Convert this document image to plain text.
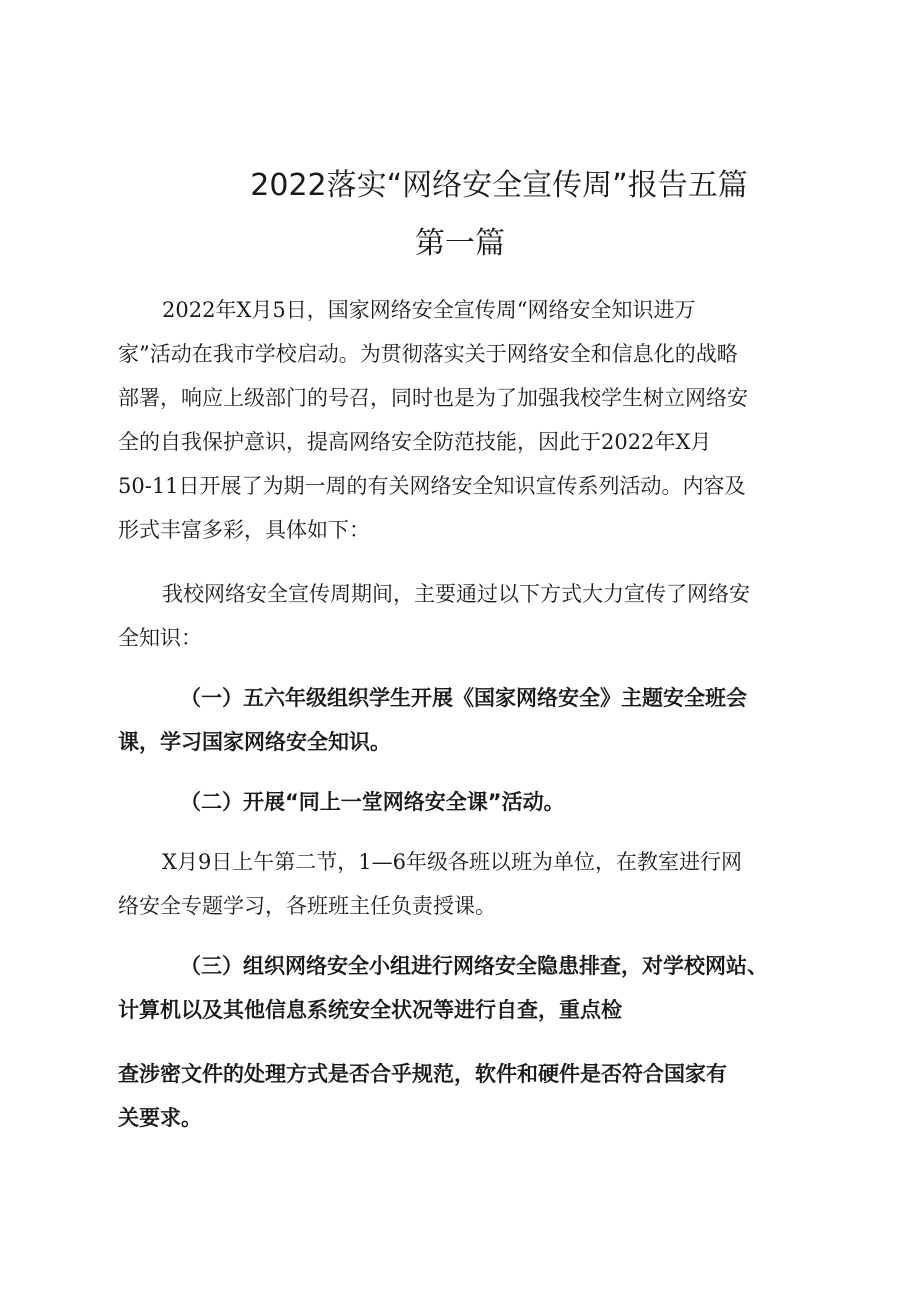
2022落实“网络安全宣传周”报告五篇
第一篇

2022年X月5日，国家网络安全宣传周“网络安全知识进万
家”活动在我市学校启动。为贯彻落实关于网络安全和信息化的战略
部署，响应上级部门的号召，同时也是为了加强我校学生树立网络安
全的自我保护意识，提高网络安全防范技能，因此于2022年X月
50-11日开展了为期一周的有关网络安全知识宣传系列活动。内容及
形式丰富多彩，具体如下：

我校网络安全宣传周期间，主要通过以下方式大力宣传了网络安
全知识：

（一）五六年级组织学生开展《国家网络安全》主题安全班会
课，学习国家网络安全知识。

（二）开展“同上一堂网络安全课”活动。

X月9日上午第二节，1—6年级各班以班为单位，在教室进行网
络安全专题学习，各班班主任负责授课。

（三）组织网络安全小组进行网络安全隐患排查，对学校网站、
计算机以及其他信息系统安全状况等进行自查，重点检

查涉密文件的处理方式是否合乎规范，软件和硬件是否符合国家有
关要求。
